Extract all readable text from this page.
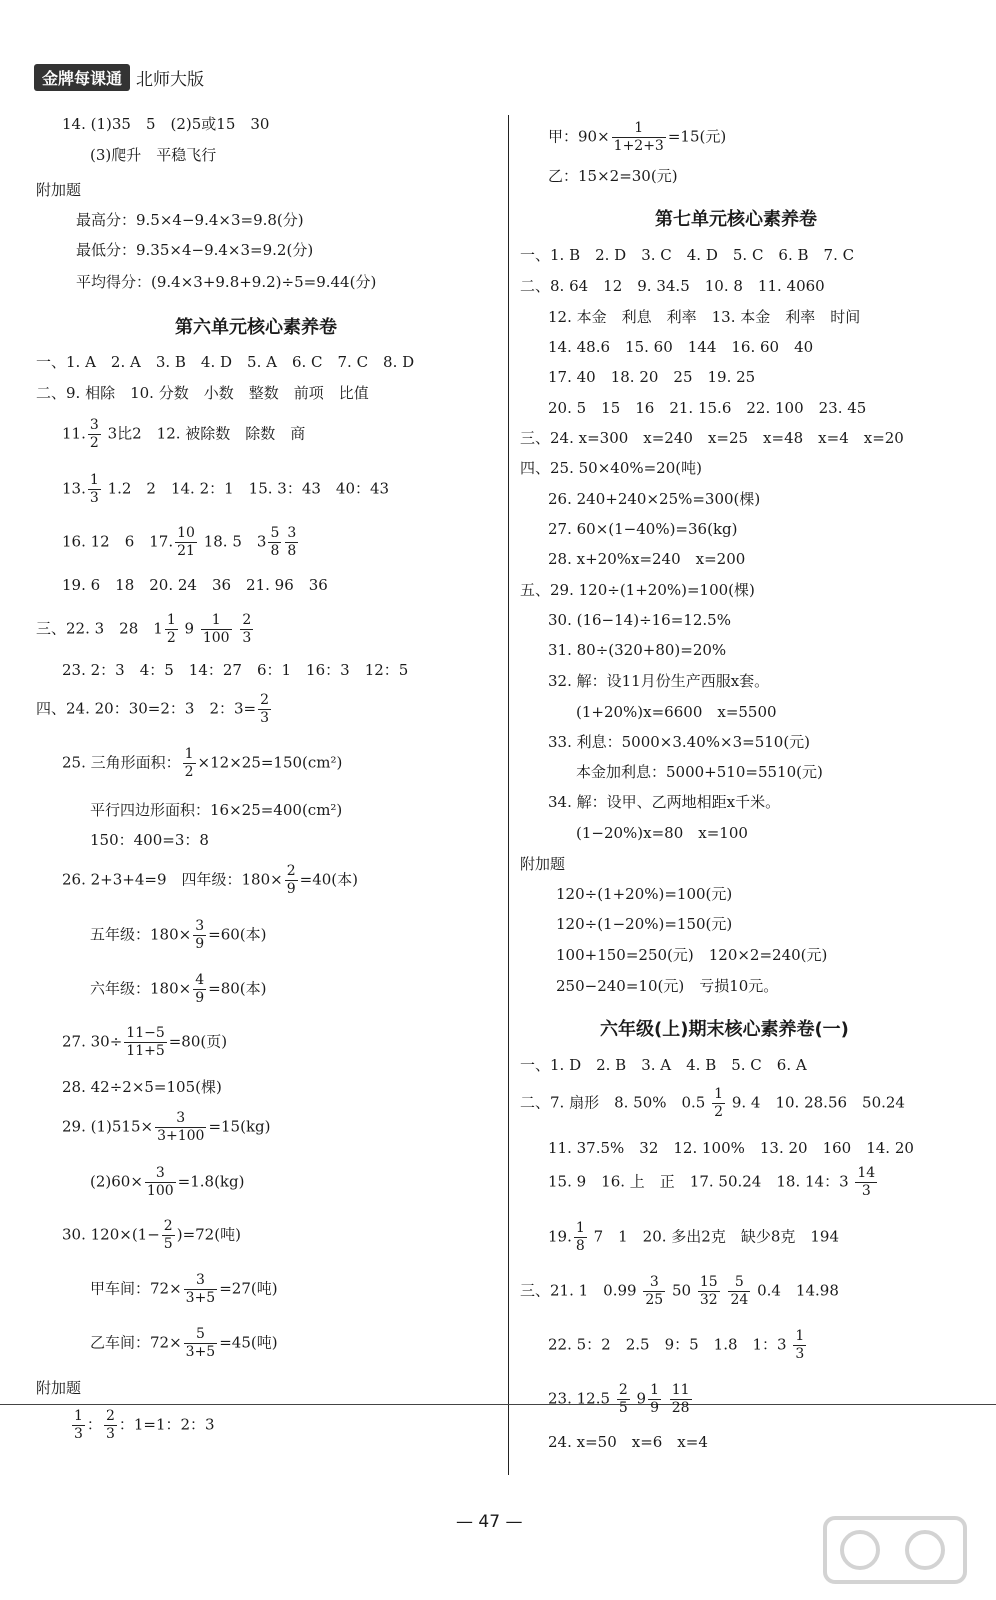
金牌每课通 北师大版
14. (1)35　5　(2)5或15　30
(3)爬升　平稳飞行
附加题
最高分：9.5×4−9.4×3=9.8(分)
最低分：9.35×4−9.4×3=9.2(分)
平均得分：(9.4×3+9.8+9.2)÷5=9.44(分)
第六单元核心素养卷
一、1. A　2. A　3. B　4. D　5. A　6. C　7. C　8. D
二、9. 相除　10. 分数　小数　整数　前项　比值
11. $\frac{3}{2} 3$比2　12. 被除数　除数　商
13. $\frac{1}{3} 1.2$　2　14. 2：1　15. 3：43　40：43
16. 12　6　17. $\frac{10}{21} 18$. 5　$3 \frac{5}{8} \frac{3}{8}$
19. 6　18　20. 24　36　21. 96　36
三、22. 3　28　$1 \frac{1}{2} 9 \frac{1}{100}$
$\frac{2}{3}$
23. 2：3　4：5　14：27　6：1　16：3　12：5
四、24. 20：30=2：3　2：$3= \frac{2}{3}$
25. 三角形面积： $\frac{1}{2} \times 12\times 25=150(cm^2)$
平行四边形面积：16×25=400(cm²)
150：400=3：8
26. 2+3+4=9　四年级：$180\times \frac{2}{9} =40$(本)
五年级：$180\times \frac{3}{9} =60$(本)
六年级：$180\times \frac{4}{9} =80$(本)
27. $30\div \frac{11-5}{11+5} =80$(页)
28. 42÷2×5=105(棵)
29. $(1)515\times \frac{3}{3+100} =15(kg)$
$(2)60\times \frac{3}{100} =1.8(kg)$
30. $120\times(1- \frac{2}{5} )=72$(吨)
甲车间：$72\times \frac{3}{3+5} =27$(吨)
乙车间：$72\times \frac{5}{3+5} =45$(吨)
附加题
$\frac{1}{3}$ ： $\frac{2}{3}$ ：1=1：2：3
甲：$90\times \frac{1}{1+2+3} =15$(元)
乙：15×2=30(元)
第七单元核心素养卷
一、1. B　2. D　3. C　4. D　5. C　6. B　7. C
二、8. 64　12　9. 34.5　10. 8　11. 4060
12. 本金　利息　利率　13. 本金　利率　时间
14. 48.6　15. 60　144　16. 60　40
17. 40　18. 20　25　19. 25
20. 5　15　16　21. 15.6　22. 100　23. 45
三、24. x=300　x=240　x=25　x=48　x=4　x=20
四、25. 50×40%=20(吨)
26. 240+240×25%=300(棵)
27. 60×(1−40%)=36(kg)
28. x+20%x=240　x=200
五、29. 120÷(1+20%)=100(棵)
30. (16−14)÷16=12.5%
31. 80÷(320+80)=20%
32. 解：设11月份生产西服x套。
(1+20%)x=6600　x=5500
33. 利息：5000×3.40%×3=510(元)
本金加利息：5000+510=5510(元)
34. 解：设甲、乙两地相距x千米。
(1−20%)x=80　x=100
附加题
120÷(1+20%)=100(元)
120÷(1−20%)=150(元)
100+150=250(元)　120×2=240(元)
250−240=10(元)　亏损10元。
六年级(上)期末核心素养卷(一)
一、1. D　2. B　3. A　4. B　5. C　6. A
二、7. 扇形　8. 50%　$0.5 \frac{1}{2} 9$. 4　10. 28.56　50.24
11. 37.5%　32　12. 100%　13. 20　160　14. 20
15. 9　16. 上　正　17. 50.24　18. 14：$3 \frac{14}{3}$
19. $\frac{1}{8} 7$　1　20. 多出2克　缺少8克　194
三、21. 1　$0.99 \frac{3}{25} 50 \frac{15}{32}$
$\frac{5}{24} 0.4$　14.98
22. 5：2　2.5　9：5　1.8　1：$3 \frac{1}{3}$
23. $12.5 \frac{2}{5} 9 \frac{1}{9}$
$\frac{11}{28}$
24. x=50　x=6　x=4
— 47 —
